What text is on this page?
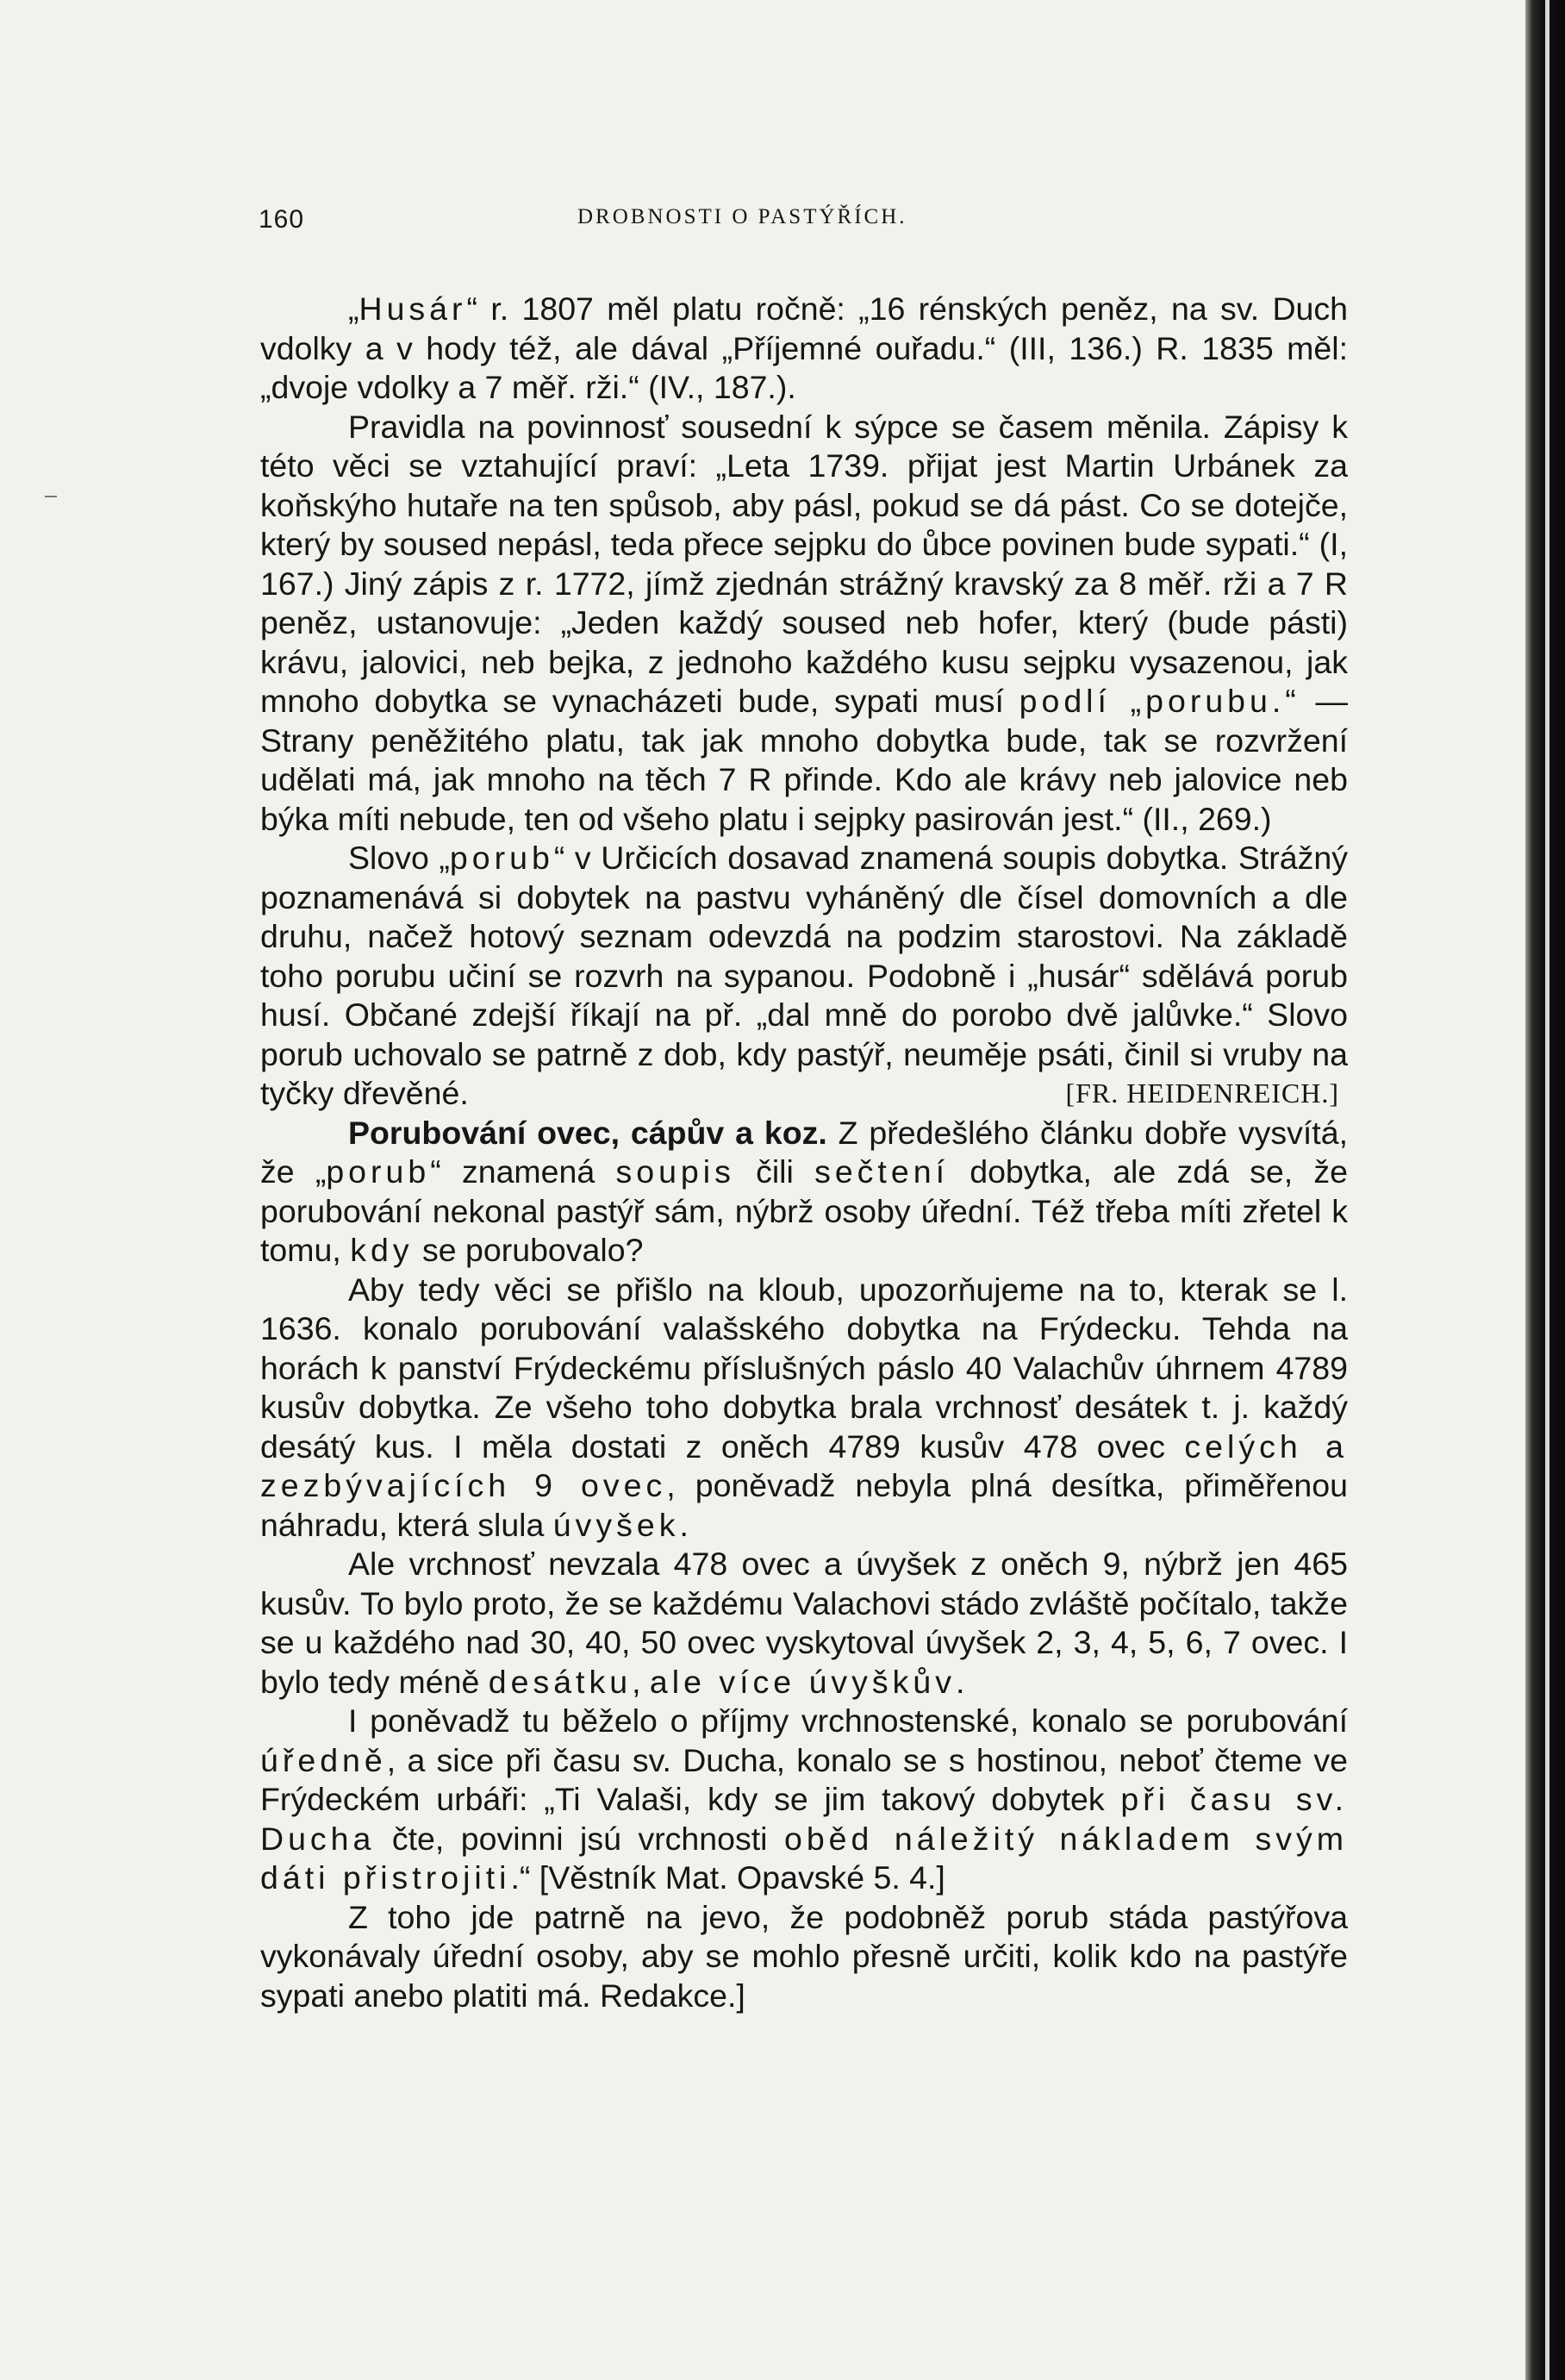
160	DROBNOSTI O PASTÝŘÍCH.

„Husár“ r. 1807 měl platu ročně: „16 rénských peněz, na sv. Duch vdolky a v hody též, ale dával „Příjemné ouřadu.“ (III, 136.) R. 1835 měl: „dvoje vdolky a 7 měř. rži.“ (IV., 187.).

Pravidla na povinnosť sousední k sýpce se časem měnila. Zápisy k této věci se vztahující praví: „Leta 1739. přijat jest Martin Urbánek za koňskýho hutaře na ten spůsob, aby pásl, pokud se dá pást. Co se dotejče, který by soused nepásl, teda přece sejpku do ůbce povinen bude sypati.“ (I, 167.) Jiný zápis z r. 1772, jímž zjednán strážný kravský za 8 měř. rži a 7 R peněz, ustanovuje: „Jeden každý soused neb hofer, který (bude pásti) krávu, jalovici, neb bejka, z jednoho každého kusu sejpku vysazenou, jak mnoho dobytka se vynacházeti bude, sypati musí podlí „porubu.“ — Strany peněžitého platu, tak jak mnoho dobytka bude, tak se rozvržení udělati má, jak mnoho na těch 7 R přinde. Kdo ale krávy neb jalovice neb býka míti nebude, ten od všeho platu i sejpky pasirován jest.“ (II., 269.)

Slovo „porub“ v Určicích dosavad znamená soupis dobytka. Strážný poznamenává si dobytek na pastvu vyháněný dle čísel domovních a dle druhu, načež hotový seznam odevzdá na podzim starostovi. Na základě toho porubu učiní se rozvrh na sypanou. Podobně i „husár“ sdělává porub husí. Občané zdejší říkají na př. „dal mně do porobo dvě jalůvke.“ Slovo porub uchovalo se patrně z dob, kdy pastýř, neuměje psáti, činil si vruby na tyčky dřevěné.	[FR. HEIDENREICH.]

Porubování ovec, cápův a koz. Z předešlého článku dobře vysvítá, že „porub“ znamená soupis čili sečtení dobytka, ale zdá se, že porubování nekonal pastýř sám, nýbrž osoby úřední. Též třeba míti zřetel k tomu, kdy se porubovalo?

Aby tedy věci se přišlo na kloub, upozorňujeme na to, kterak se l. 1636. konalo porubování valašského dobytka na Frýdecku. Tehda na horách k panství Frýdeckému příslušných páslo 40 Valachův úhrnem 4789 kusův dobytka. Ze všeho toho dobytka brala vrchnosť desátek t. j. každý desátý kus. I měla dostati z oněch 4789 kusův 478 ovec celých a zezbývajících 9 ovec, poněvadž nebyla plná desítka, přiměřenou náhradu, která slula úvyšek.

Ale vrchnosť nevzala 478 ovec a úvyšek z oněch 9, nýbrž jen 465 kusův. To bylo proto, že se každému Valachovi stádo zvláště počítalo, takže se u každého nad 30, 40, 50 ovec vyskytoval úvyšek 2, 3, 4, 5, 6, 7 ovec. I bylo tedy méně desátku, ale více úvyškův.

I poněvadž tu běželo o příjmy vrchnostenské, konalo se porubování úředně, a sice při času sv. Ducha, konalo se s hostinou, neboť čteme ve Frýdeckém urbáři: „Ti Valaši, kdy se jim takový dobytek při času sv. Ducha čte, povinni jsú vrchnosti oběd náležitý nákladem svým dáti přistrojiti.“ [Věstník Mat. Opavské 5. 4.]

Z toho jde patrně na jevo, že podobněž porub stáda pastýřova vykonávaly úřední osoby, aby se mohlo přesně určiti, kolik kdo na pastýře sypati anebo platiti má. Redakce.]
